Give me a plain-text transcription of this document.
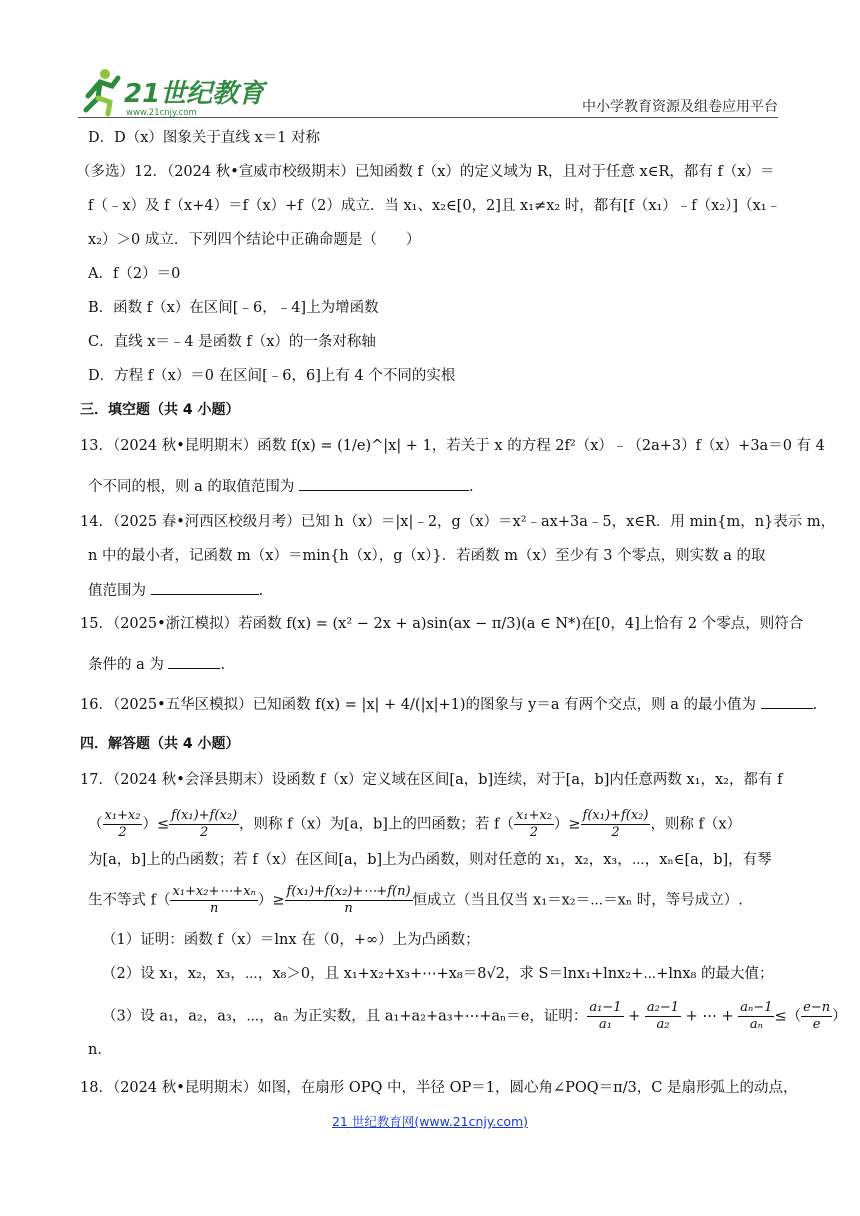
21世纪教育
www.21cnjy.com	中小学教育资源及组卷应用平台
D．D（x）图象关于直线 x＝1 对称
（多选）12．（2024 秋•宣威市校级期末）已知函数 f（x）的定义域为 R，且对于任意 x∈R，都有 f（x）＝
f（﹣x）及 f（x+4）＝f（x）+f（2）成立．当 x₁、x₂∈[0，2]且 x₁≠x₂ 时，都有[f（x₁）﹣f（x₂）]（x₁﹣
x₂）＞0 成立．下列四个结论中正确命题是（　　）
A．f（2）＝0
B．函数 f（x）在区间[﹣6，﹣4]上为增函数
C．直线 x＝﹣4 是函数 f（x）的一条对称轴
D．方程 f（x）＝0 在区间[﹣6，6]上有 4 个不同的实根
三．填空题（共 4 小题）
13．（2024 秋•昆明期末）函数 f(x) = (1/e)^|x| + 1，若关于 x 的方程 2f²（x）﹣（2a+3）f（x）+3a＝0 有 4
个不同的根，则 a 的取值范围为	.
14．（2025 春•河西区校级月考）已知 h（x）＝|x|﹣2，g（x）＝x²﹣ax+3a﹣5，x∈R．用 min{m，n}表示 m，
n 中的最小者，记函数 m（x）＝min{h（x），g（x）}．若函数 m（x）至少有 3 个零点，则实数 a 的取
值范围为	.
15．（2025•浙江模拟）若函数 f(x) = (x² − 2x + a)sin(ax − π/3)(a ∈ N*)在[0，4]上恰有 2 个零点，则符合
条件的 a 为	.
16．（2025•五华区模拟）已知函数 f(x) = |x| + 4/(|x|+1)的图象与 y＝a 有两个交点，则 a 的最小值为	.
四．解答题（共 4 小题）
17．（2024 秋•会泽县期末）设函数 f（x）定义域在区间[a，b]连续，对于[a，b]内任意两数 x₁，x₂，都有 f
（ $\frac{\text{x₁+x₂}}{2}$ ）≤ $\frac{\text{f(x₁)+f(x₂)}}{2}$ ，则称 f（x）为[a，b]上的凹函数；若 $f( \frac{\text{x₁+x₂}}{2}$ ）≥ $\frac{\text{f(x₁)+f(x₂)}}{2}$ ，则称 f（x）
为[a，b]上的凸函数；若 f（x）在区间[a，b]上为凸函数，则对任意的 x₁，x₂，x₃，⋯，xₙ∈[a，b]，有琴
生不等式 $f( \frac{\text{x₁+x₂+⋯+xₙ}}{n}$ ）≥ $\frac{\text{f(x₁)+f(x₂)+⋯+f(n)}}{n}$ 恒成立（当且仅当 x₁＝x₂＝⋯＝xₙ 时，等号成立）.
（1）证明：函数 f（x）＝lnx 在（0，+∞）上为凸函数；
（2）设 x₁，x₂，x₃，⋯，x₈＞0，且 x₁+x₂+x₃+⋯+x₈＝8√2，求 S＝lnx₁+lnx₂+⋯+lnx₈ 的最大值；
（3）设 a₁，a₂，a₃，⋯，aₙ 为正实数，且 a₁+a₂+a₃+⋯+aₙ＝e，证明： $\frac{\text{a₁−1}}{\text{a₁}} + \frac{\text{a₂−1}}{\text{a₂}}$ + ⋯ + $\frac{\text{aₙ−1}}{\text{aₙ}}$ ≤（ $\frac{e-n}{e}$ ）
n．
18．（2024 秋•昆明期末）如图，在扇形 OPQ 中，半径 OP＝1，圆心角∠POQ＝π/3，C 是扇形弧上的动点，
21 世纪教育网(www.21cnjy.com)
